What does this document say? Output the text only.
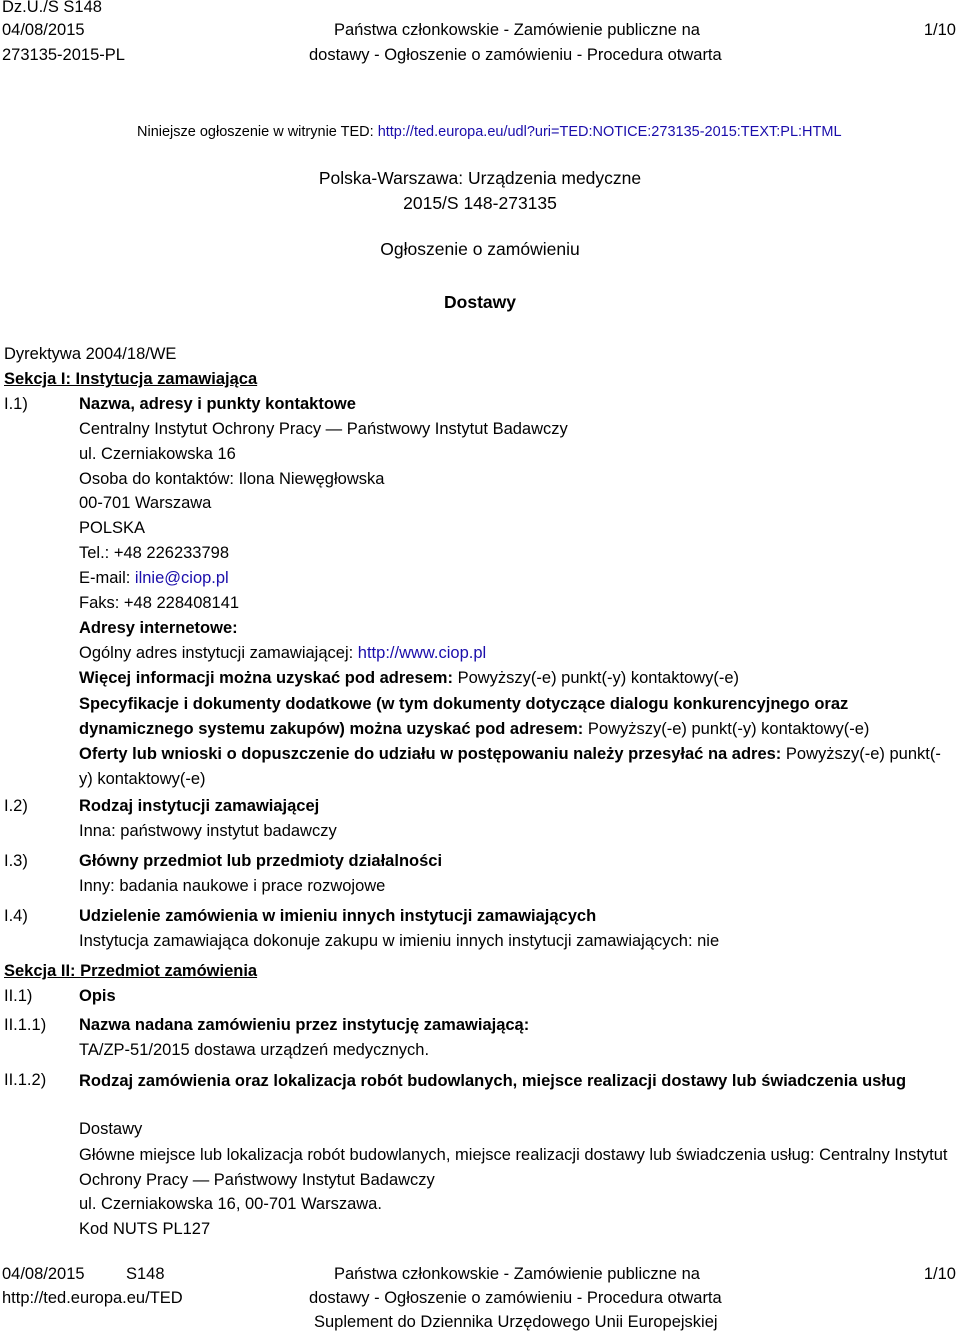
Dz.U./S S148
04/08/2015
273135-2015-PL
Państwa członkowskie - Zamówienie publiczne na
dostawy - Ogłoszenie o zamówieniu - Procedura otwarta
1/10
Niniejsze ogłoszenie w witrynie TED: http://ted.europa.eu/udl?uri=TED:NOTICE:273135-2015:TEXT:PL:HTML
Polska-Warszawa: Urządzenia medyczne
2015/S 148-273135
Ogłoszenie o zamówieniu
Dostawy
Dyrektywa 2004/18/WE
Sekcja I: Instytucja zamawiająca
I.1)	Nazwa, adresy i punkty kontaktowe
Centralny Instytut Ochrony Pracy — Państwowy Instytut Badawczy
ul. Czerniakowska 16
Osoba do kontaktów: Ilona Niewęgłowska
00-701 Warszawa
POLSKA
Tel.: +48 226233798
E-mail: ilnie@ciop.pl
Faks: +48 228408141
Adresy internetowe:
Ogólny adres instytucji zamawiającej: http://www.ciop.pl
Więcej informacji można uzyskać pod adresem: Powyższy(-e) punkt(-y) kontaktowy(-e)
Specyfikacje i dokumenty dodatkowe (w tym dokumenty dotyczące dialogu konkurencyjnego oraz dynamicznego systemu zakupów) można uzyskać pod adresem: Powyższy(-e) punkt(-y) kontaktowy(-e)
Oferty lub wnioski o dopuszczenie do udziału w postępowaniu należy przesyłać na adres: Powyższy(-e) punkt(-y) kontaktowy(-e)
I.2)	Rodzaj instytucji zamawiającej
Inna: państwowy instytut badawczy
I.3)	Główny przedmiot lub przedmioty działalności
Inny: badania naukowe i prace rozwojowe
I.4)	Udzielenie zamówienia w imieniu innych instytucji zamawiających
Instytucja zamawiająca dokonuje zakupu w imieniu innych instytucji zamawiających: nie
Sekcja II: Przedmiot zamówienia
II.1)	Opis
II.1.1) Nazwa nadana zamówieniu przez instytucję zamawiającą:
TA/ZP-51/2015 dostawa urządzeń medycznych.
II.1.2) Rodzaj zamówienia oraz lokalizacja robót budowlanych, miejsce realizacji dostawy lub świadczenia usług
Dostawy
Główne miejsce lub lokalizacja robót budowlanych, miejsce realizacji dostawy lub świadczenia usług: Centralny Instytut Ochrony Pracy — Państwowy Instytut Badawczy
ul. Czerniakowska 16, 00-701 Warszawa.
Kod NUTS PL127
04/08/2015	S148
http://ted.europa.eu/TED
Państwa członkowskie - Zamówienie publiczne na
dostawy - Ogłoszenie o zamówieniu - Procedura otwarta
Suplement do Dziennika Urzędowego Unii Europejskiej
1/10
